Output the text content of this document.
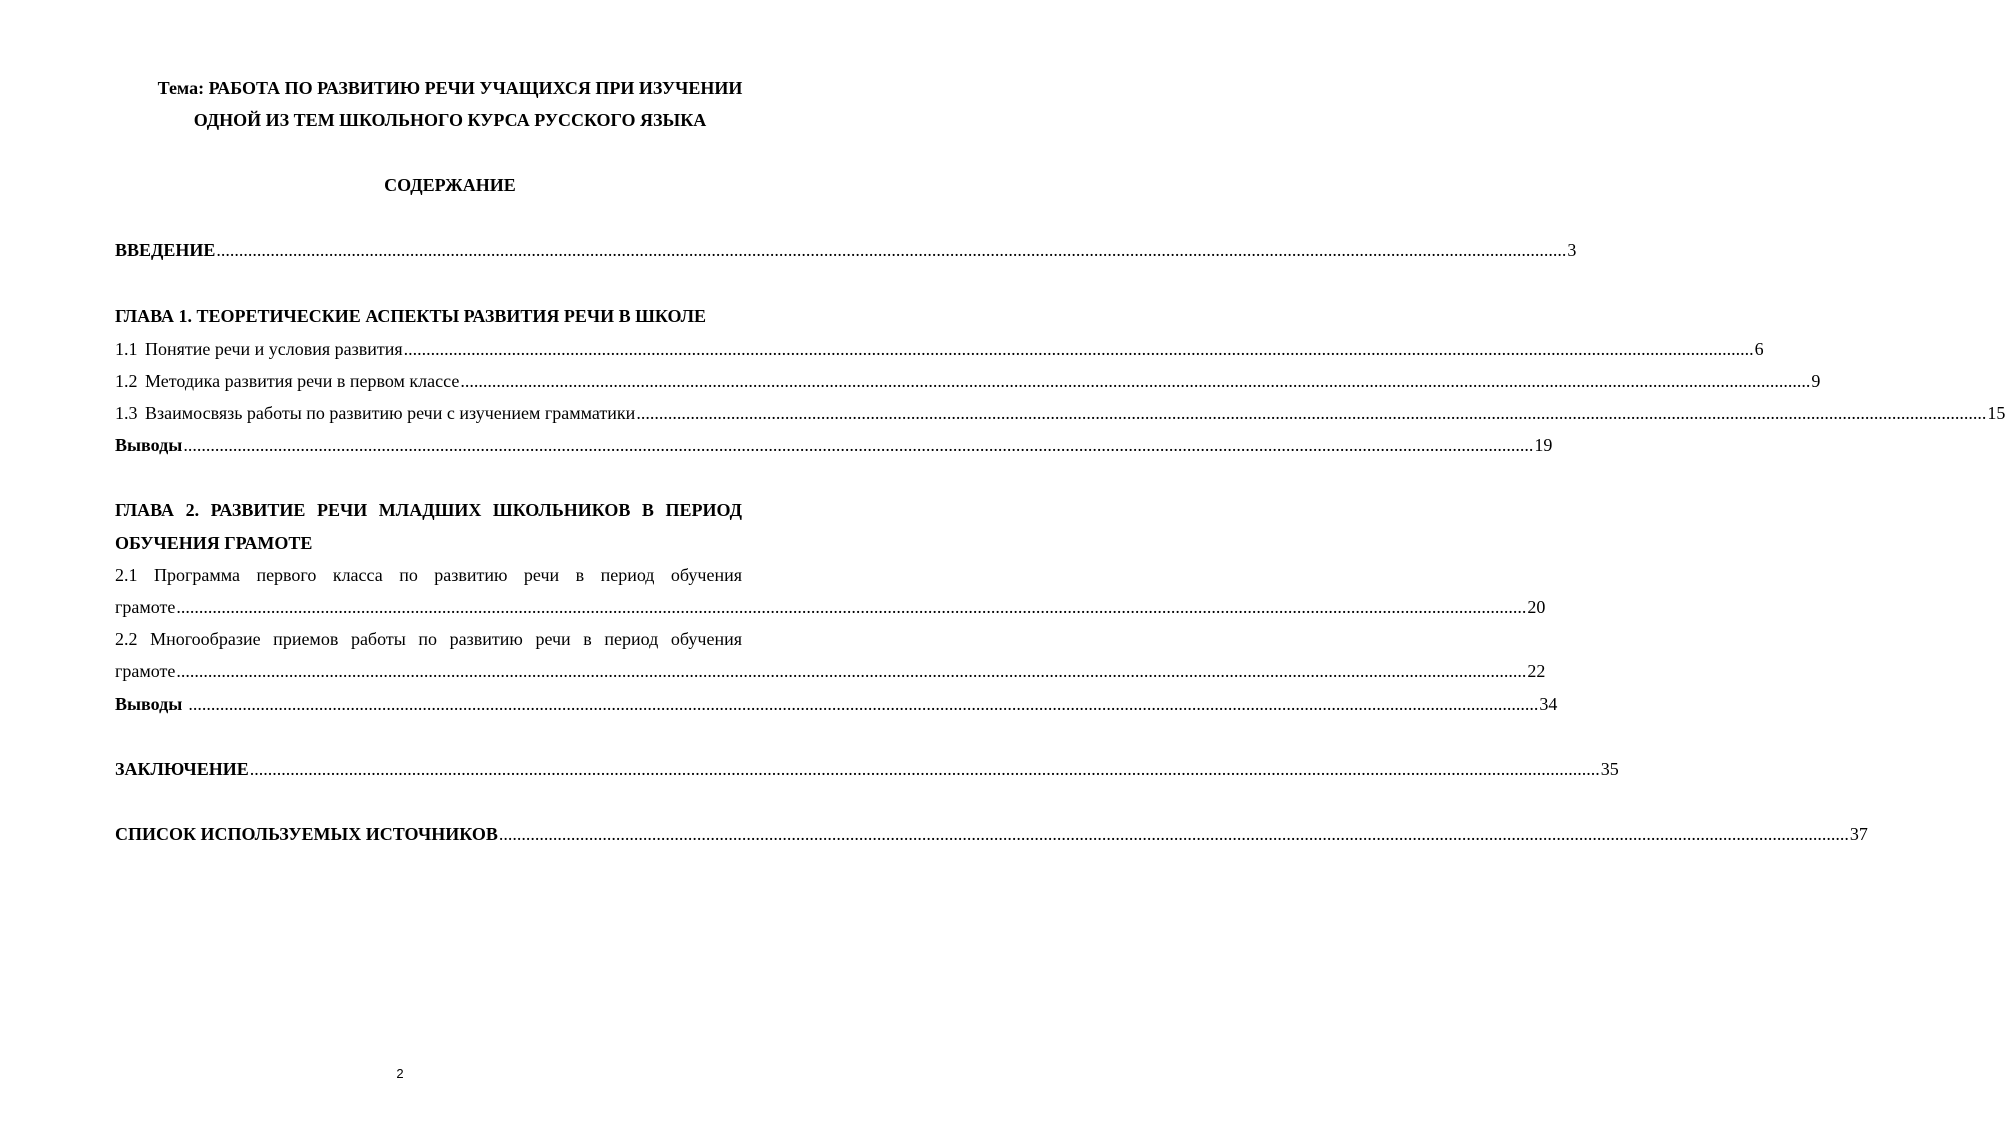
Тема: РАБОТА ПО РАЗВИТИЮ РЕЧИ УЧАЩИХСЯ ПРИ ИЗУЧЕНИИ
ОДНОЙ ИЗ ТЕМ ШКОЛЬНОГО КУРСА РУССКОГО ЯЗЫКА
СОДЕРЖАНИЕ
ВВЕДЕНИЕ ............................................................................................................................................................................................................................................................................................................ 3
ГЛАВА 1. ТЕОРЕТИЧЕСКИЕ АСПЕКТЫ РАЗВИТИЯ РЕЧИ В ШКОЛЕ
1.1 Понятие речи и условия развития ............................................................................................................................................................................................................................................................................................................ 6
1.2 Методика развития речи в первом классе ............................................................................................................................................................................................................................................................................................................ 9
1.3 Взаимосвязь работы по развитию речи с изучением грамматики ............................................................................................................................................................................................................................................................................................................ 15
Выводы ............................................................................................................................................................................................................................................................................................................ 19
ГЛАВА 2. РАЗВИТИЕ РЕЧИ МЛАДШИХ ШКОЛЬНИКОВ В ПЕРИОД
ОБУЧЕНИЯ ГРАМОТЕ
2.1 Программа первого класса по развитию речи в период обучения
грамоте ............................................................................................................................................................................................................................................................................................................ 20
2.2 Многообразие приемов работы по развитию речи в период обучения
грамоте ............................................................................................................................................................................................................................................................................................................ 22
Выводы ............................................................................................................................................................................................................................................................................................................ 34
ЗАКЛЮЧЕНИЕ ............................................................................................................................................................................................................................................................................................................ 35
СПИСОК ИСПОЛЬЗУЕМЫХ ИСТОЧНИКОВ ............................................................................................................................................................................................................................................................................................................ 37
2
